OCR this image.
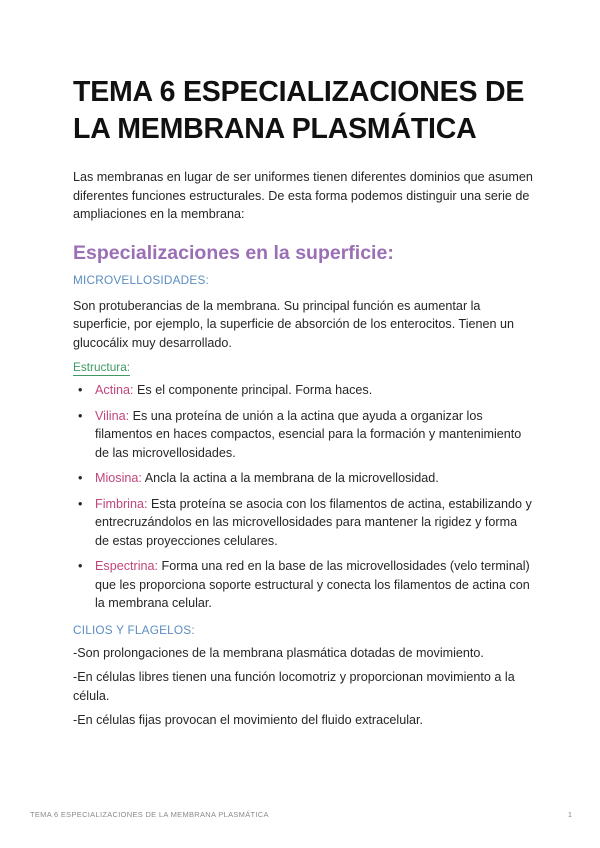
TEMA 6 ESPECIALIZACIONES DE LA MEMBRANA PLASMÁTICA
Las membranas en lugar de ser uniformes tienen diferentes dominios que asumen diferentes funciones estructurales. De esta forma podemos distinguir una serie de ampliaciones en la membrana:
Especializaciones en la superficie:
MICROVELLOSIDADES:
Son protuberancias de la membrana. Su principal función es aumentar la superficie, por ejemplo, la superficie de absorción de los enterocitos. Tienen un glucocálix muy desarrollado.
Estructura:
• Actina: Es el componente principal. Forma haces.
• Vilina: Es una proteína de unión a la actina que ayuda a organizar los filamentos en haces compactos, esencial para la formación y mantenimiento de las microvellosidades.
• Miosina: Ancla la actina a la membrana de la microvellosidad.
• Fimbrina: Esta proteína se asocia con los filamentos de actina, estabilizando y entrecruzándolos en las microvellosidades para mantener la rigidez y forma de estas proyecciones celulares.
• Espectrina: Forma una red en la base de las microvellosidades (velo terminal) que les proporciona soporte estructural y conecta los filamentos de actina con la membrana celular.
CILIOS Y FLAGELOS:
-Son prolongaciones de la membrana plasmática dotadas de movimiento.
-En células libres tienen una función locomotriz y proporcionan movimiento a la célula.
-En células fijas provocan el movimiento del fluido extracelular.
TEMA 6 ESPECIALIZACIONES DE LA MEMBRANA PLASMÁTICA	1
